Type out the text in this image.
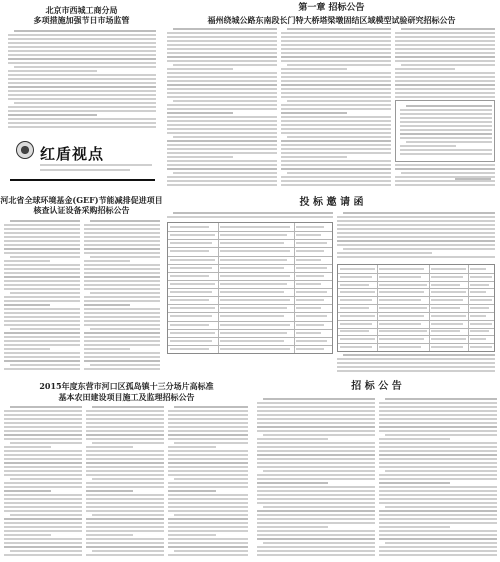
北京市西城工商分局
多项措施加强节日市场监管
红盾视点
第一章 招标公告
福州绕城公路东南段长门特大桥塔梁墩固结区域模型试验研究招标公告
河北省全球环境基金(GEF)节能减排促进项目
核查认证设备采购招标公告
投 标 邀 请 函
2015年度东营市河口区孤岛镇十三分场片高标准
基本农田建设项目施工及监理招标公告
招 标 公 告
